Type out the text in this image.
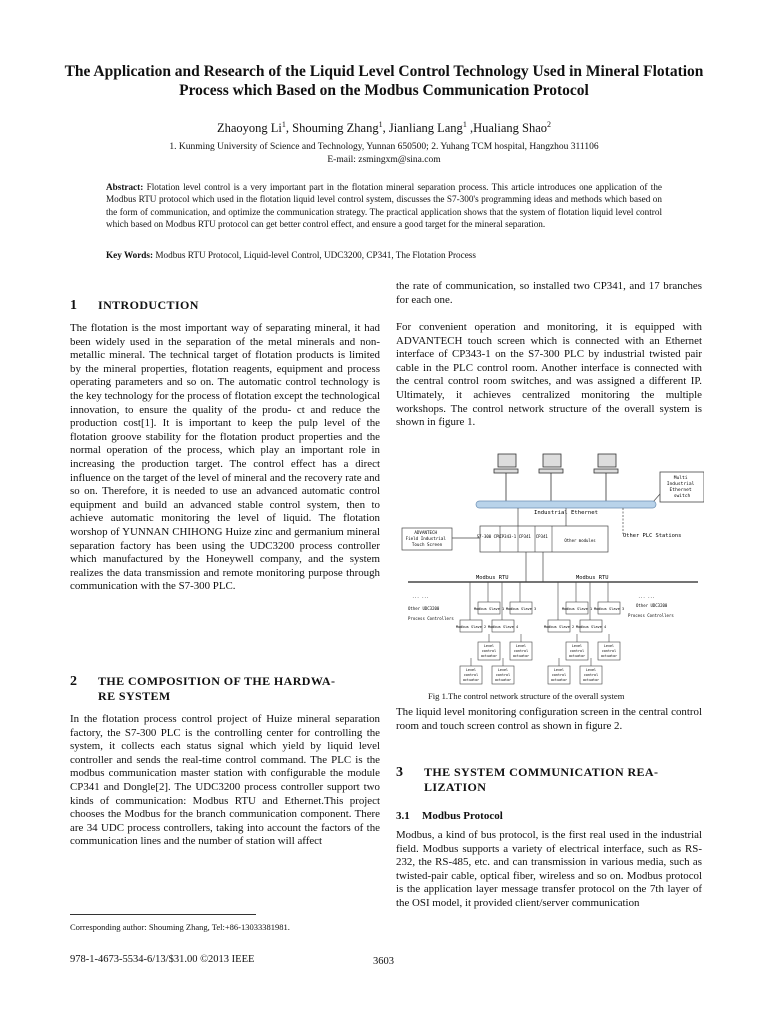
The Application and Research of the Liquid Level Control Technology Used in Mineral Flotation Process which Based on the Modbus Communication Protocol
Zhaoyong Li$^1$, Shouming Zhang$^1$, Jianliang Lang$^1$ ,Hualiang Shao$^2$
1. Kunming University of Science and Technology, Yunnan 650500; 2. Yuhang TCM hospital, Hangzhou 311106
E-mail: zsmingxm@sina.com
Abstract: Flotation level control is a very important part in the flotation mineral separation process. This article introduces one application of the Modbus RTU protocol which used in the flotation liquid level control system, discusses the S7-300's programming ideas and methods which based on the form of communication, and optimize the communication strategy. The practical application shows that the system of flotation liquid level control which based on Modbus RTU protocol can get better control effect, and ensure a good target for the mineral separation.
Key Words: Modbus RTU Protocol, Liquid-level Control, UDC3200, CP341, The Flotation Process
1 INTRODUCTION

The flotation is the most important way of separating mineral, it had been widely used in the separation of the metal minerals and non-metallic mineral. The technical target of flotation products is limited by the mineral properties, flotation reagents, equipment and process operating parameters and so on. The automatic control technology is the key technology for the process of flotation except the technological innovation, to ensure the quality of the produ- ct and reduce the production cost[1]. It is important to keep the pulp level of the flotation groove stability for the flotation product properties and the normal operation of the process, which play an important role in increasing the production target. The control effect has a direct influence on the target of the level of mineral and the recovery rate and so on. Therefore, it is needed to use an advanced automatic control equipment and build an advanced stable control system, then to achieve automatic monitoring the level of liquid. The flotation worshop of YUNNAN CHIHONG Huize zinc and germanium mineral separation factory has been using the UDC3200 process controller which manufactured by the Honeywell company, and the system realizes the data transmission and remote monitoring purpose through communication with the S7-300 PLC.

2 THE COMPOSITION OF THE HARDWA-
RE SYSTEM

In the flotation process control project of Huize mineral separation factory, the S7-300 PLC is the controlling center for controlling the system, it collects each status signal which yield by liquid level controller and sends the real-time control command. The PLC is the modbus communication master station with configurable the module CP341 and Dongle[2]. The UDC3200 process controller support two kinds of communication: Modbus RTU and Ethernet.This project chooses the Modbus for the branch communication component. There are 34 UDC process controllers, taking into account the factors of the communication lines and the number of station will affect

the rate of communication, so installed two CP341, and 17 branches for each one.

For convenient operation and monitoring, it is equipped with ADVANTECH touch screen which is connected with an Ethernet interface of CP343-1 on the S7-300 PLC by industrial twisted pair cable in the PLC control room. Another interface is connected with the central control room switches, and was assigned a different IP. Ultimately, it achieves centralized monitoring the multiple workshops. The control network structure of the overall system is shown in figure 1.

Multi Industrial Ethernet switch
Industrial Ethernet
ADVANTECH Field Industrial Touch Screen
S7-300 CPU CP343-1 CP341 CP341 Other modules
Other PLC Stations
Modbus RTU	Modbus RTU
Other UDC3200 Process Controllers
Other UDC3200 Process Controllers
... ...	... ...
Modbus Slave 1
Modbus Slave 2
Level
control
actuator
Level
control
actuator
Modbus Slave 3
Modbus Slave 4
Level
control
actuator
Level
control
actuator
Modbus Slave 1
Modbus Slave 2
Level
control
actuator
Level
control
actuator
Modbus Slave 3
Modbus Slave 4
Level
control
actuator
Level
control
actuator
Fig 1.The control network structure of the overall system

The liquid level monitoring configuration screen in the central control room and touch screen control as shown in figure 2.

3 THE SYSTEM COMMUNICATION REA-
LIZATION
3.1 Modbus Protocol

Modbus, a kind of bus protocol, is the first real used in the industrial field. Modbus supports a variety of electrical interface, such as RS-232, the RS-485, etc. and can transmission in various media, such as twisted-pair cable, optical fiber, wireless and so on. Modbus protocol is the application layer message transfer protocol on the 7th layer of the OSI model, it provided client/server communication

Corresponding author: Shouming Zhang, Tel:+86-13033381981.
978-1-4673-5534-6/13/$31.00 ©2013 IEEE	3603
